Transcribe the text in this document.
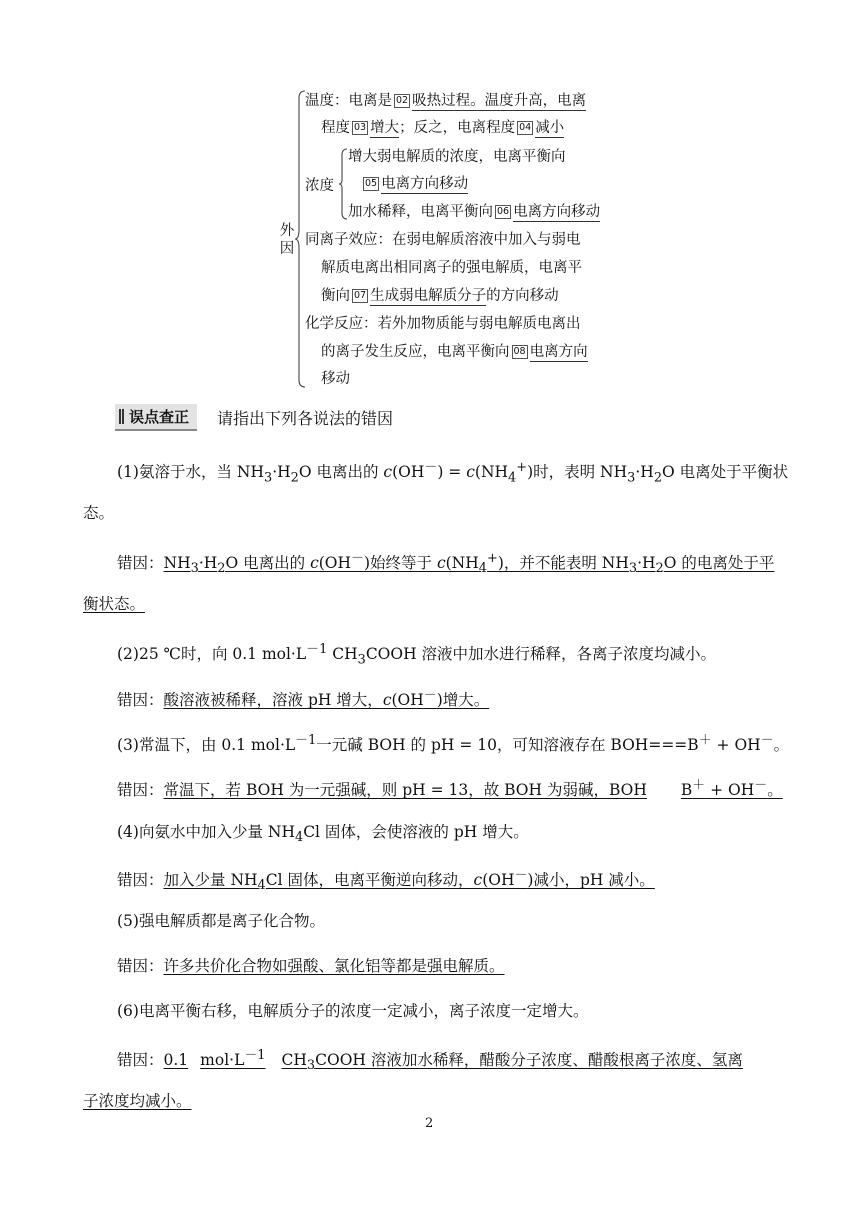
外因
温度：电离是 02 吸热过程。温度升高，电离
程度 03 增大；反之，电离程度 04 减小
浓度
增大弱电解质的浓度，电离平衡向
05 电离方向移动
加水稀释，电离平衡向 06 电离方向移动
同离子效应：在弱电解质溶液中加入与弱电
解质电离出相同离子的强电解质，电离平
衡向 07 生成弱电解质分子的方向移动
化学反应：若外加物质能与弱电解质电离出
的离子发生反应，电离平衡向 08 电离方向
移动
误点查正 请指出下列各说法的错因
(1)氨溶于水，当 $NH_3\cdot H_2O$ 电离出的 $c(OH^-) = c(NH_4^+)$时，表明 $NH_3\cdot H_2O$ 电离处于平衡状
态。
错因：$NH_3\cdot H_2O$ 电离出的 c(OH－)始终等于 $c(NH_4^+)$，并不能表明 $NH_3\cdot H_2O$ 的电离处于平
衡状态。
(2)25 ℃时，向 0.1 $mol\cdot L^{-1}$ $CH_3COOH$ 溶液中加水进行稀释，各离子浓度均减小。
错因：酸溶液被稀释，溶液 pH 增大，c(OH－)增大。
(3)常温下，由 0.1 $mol\cdot L^{-1}$一元碱 BOH 的 pH = 10，可知溶液存在 BOH===B＋ + OH－。
错因：常温下，若 BOH 为一元强碱，则 pH = 13，故 BOH 为弱碱，BOH B＋ + OH－。
(4)向氨水中加入少量 $NH_4Cl$ 固体，会使溶液的 pH 增大。
错因：加入少量 $NH_4Cl$ 固体，电离平衡逆向移动，c(OH－)减小，pH 减小。
(5)强电解质都是离子化合物。
错因：许多共价化合物如强酸、氯化铝等都是强电解质。
(6)电离平衡右移，电解质分子的浓度一定减小，离子浓度一定增大。
错因：0.1 $mol\cdot L^{-1}$ $CH_3COOH$ 溶液加水稀释，醋酸分子浓度、醋酸根离子浓度、氢离
子浓度均减小。
2
